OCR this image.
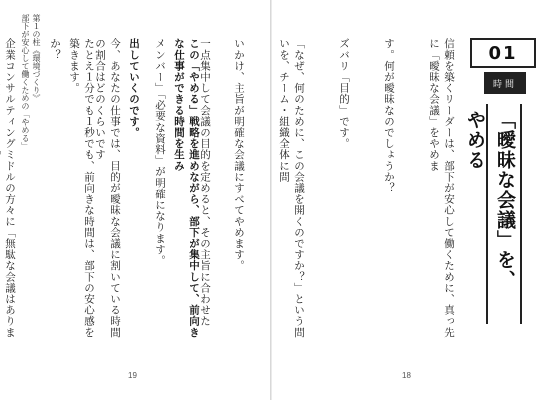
第１の柱《環境づくり》
部下が安心して働くための「やめる」

	一点集中して会議の目的を定めると、その主旨に合わせた

メンバー」「必要な資料」が明確になります。

今、あなたの仕事では、目的が曖昧な会議に割いている時間の割合はどのくらいです

か？

企業コンサルティングミドルの方々に「無駄な会議はありま

19
01
時間
「曖昧な会議」を、
やめる

信頼を築くリーダーは、部下が安心して働くために、真っ先に「曖昧な会議」をやめま

す。何が曖昧なのでしょうか？

ズバリ「目的」です。

「なぜ、何のために、この会議を開くのですか？」という問いを、チーム・組織全体に問

いかけ、主旨が明確な会議にすべてやめます。

この「やめる」戦略を進めながら、部下が集中して、前向きな仕事ができる時間を生み

出していくのです。

たとえ１分でも１秒でも、前向きな時間は、部下の安心感を築きます。

18
